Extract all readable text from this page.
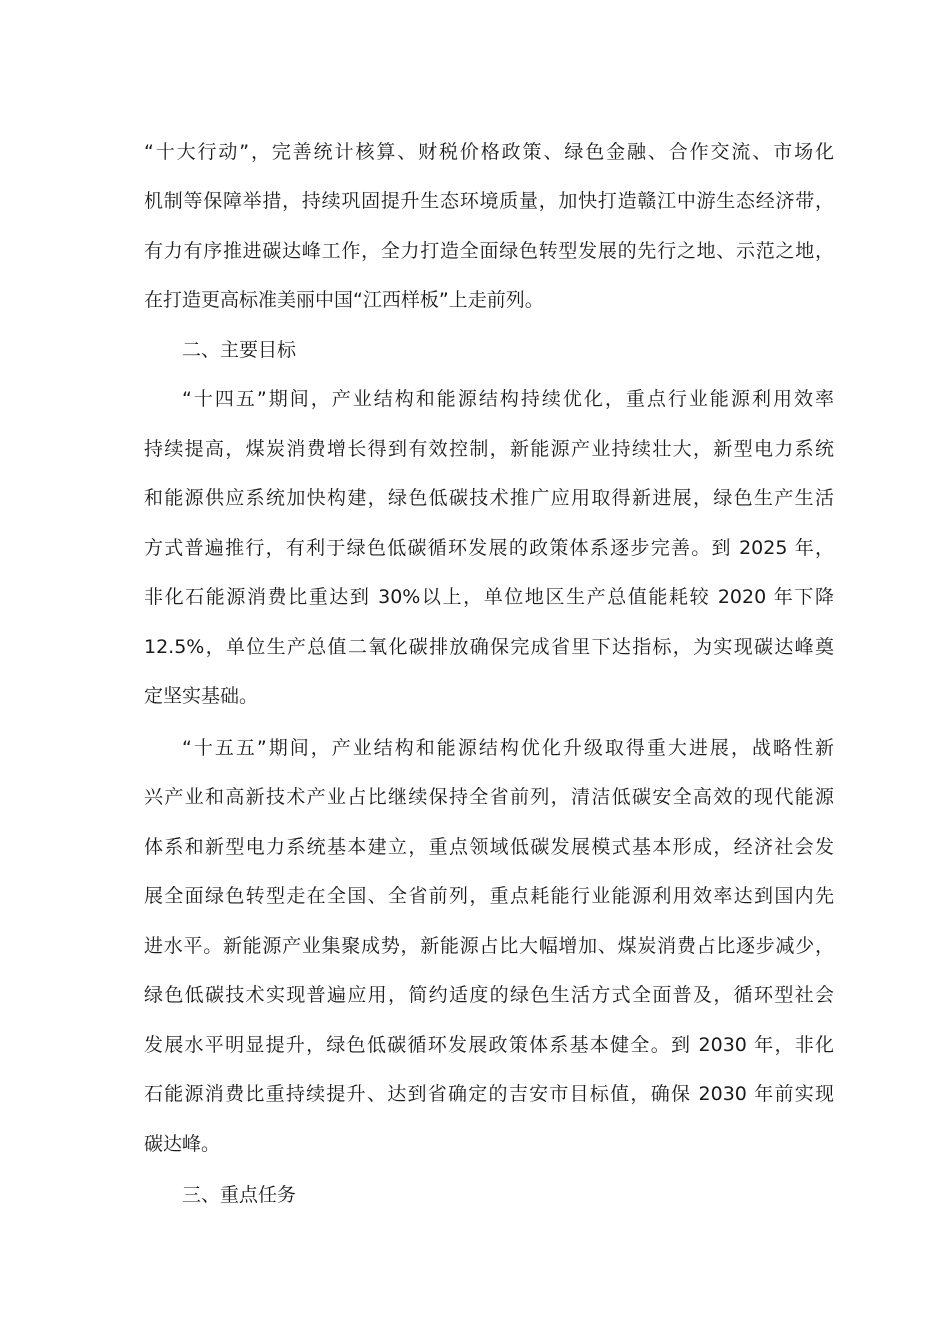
“十大行动”，完善统计核算、财税价格政策、绿色金融、合作交流、市场化
机制等保障举措，持续巩固提升生态环境质量，加快打造赣江中游生态经济带，
有力有序推进碳达峰工作，全力打造全面绿色转型发展的先行之地、示范之地，
在打造更高标准美丽中国“江西样板”上走前列。
二、主要目标
“十四五”期间，产业结构和能源结构持续优化，重点行业能源利用效率
持续提高，煤炭消费增长得到有效控制，新能源产业持续壮大，新型电力系统
和能源供应系统加快构建，绿色低碳技术推广应用取得新进展，绿色生产生活
方式普遍推行，有利于绿色低碳循环发展的政策体系逐步完善。到 2025 年，
非化石能源消费比重达到 30%以上，单位地区生产总值能耗较 2020 年下降
12.5%，单位生产总值二氧化碳排放确保完成省里下达指标，为实现碳达峰奠
定坚实基础。
“十五五”期间，产业结构和能源结构优化升级取得重大进展，战略性新
兴产业和高新技术产业占比继续保持全省前列，清洁低碳安全高效的现代能源
体系和新型电力系统基本建立，重点领域低碳发展模式基本形成，经济社会发
展全面绿色转型走在全国、全省前列，重点耗能行业能源利用效率达到国内先
进水平。新能源产业集聚成势，新能源占比大幅增加、煤炭消费占比逐步减少，
绿色低碳技术实现普遍应用，简约适度的绿色生活方式全面普及，循环型社会
发展水平明显提升，绿色低碳循环发展政策体系基本健全。到 2030 年，非化
石能源消费比重持续提升、达到省确定的吉安市目标值，确保 2030 年前实现
碳达峰。
三、重点任务
